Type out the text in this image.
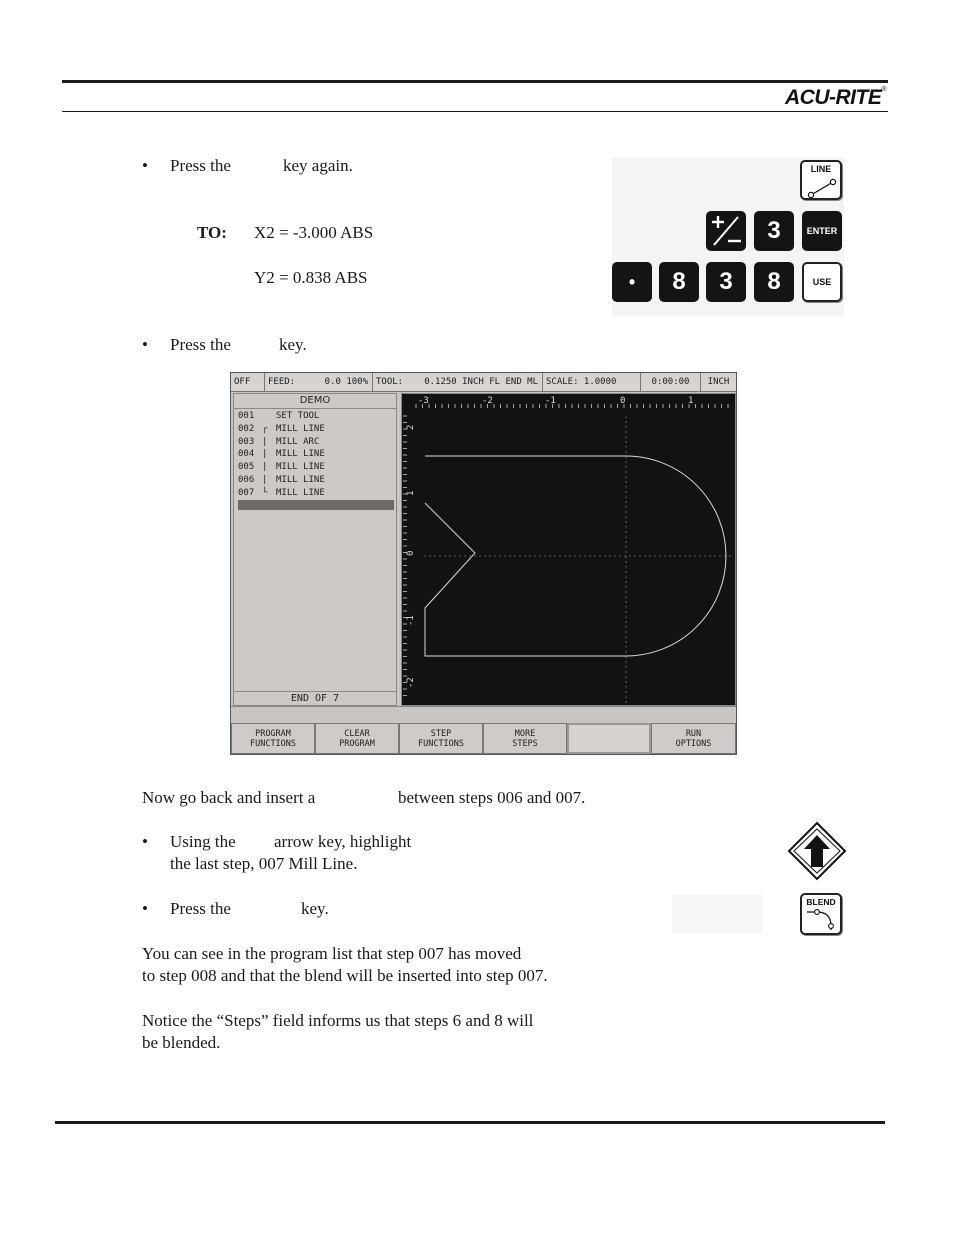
ACU-RITE®
• Press the	key again.
TO: X2 = -3.000 ABS
Y2 = 0.838 ABS
LINE
3	ENTER
•	8	3	8	USE
• Press the	key.
OFF	FEED:	0.0 100% TOOL: 0.1250 INCH FL END ML SCALE: 1.0000	0:00:00	INCH
DEMO
001 SET TOOL
002 ┌ MILL LINE
003 | MILL ARC
004 | MILL LINE
005 | MILL LINE
006 | MILL LINE
007 └ MILL LINE
END OF 7
-3	-2	-1	0	1
2
1
0
-1
-2
PROGRAM
FUNCTIONS
CLEAR
PROGRAM
STEP
FUNCTIONS
MORE
STEPS
RUN
OPTIONS
Now go back and insert a	between steps 006 and 007.
• Using the arrow key, highlight
the last step, 007 Mill Line.
• Press the	key.	BLEND
You can see in the program list that step 007 has moved
to step 008 and that the blend will be inserted into step 007.
Notice the “Steps” field informs us that steps 6 and 8 will
be blended.
